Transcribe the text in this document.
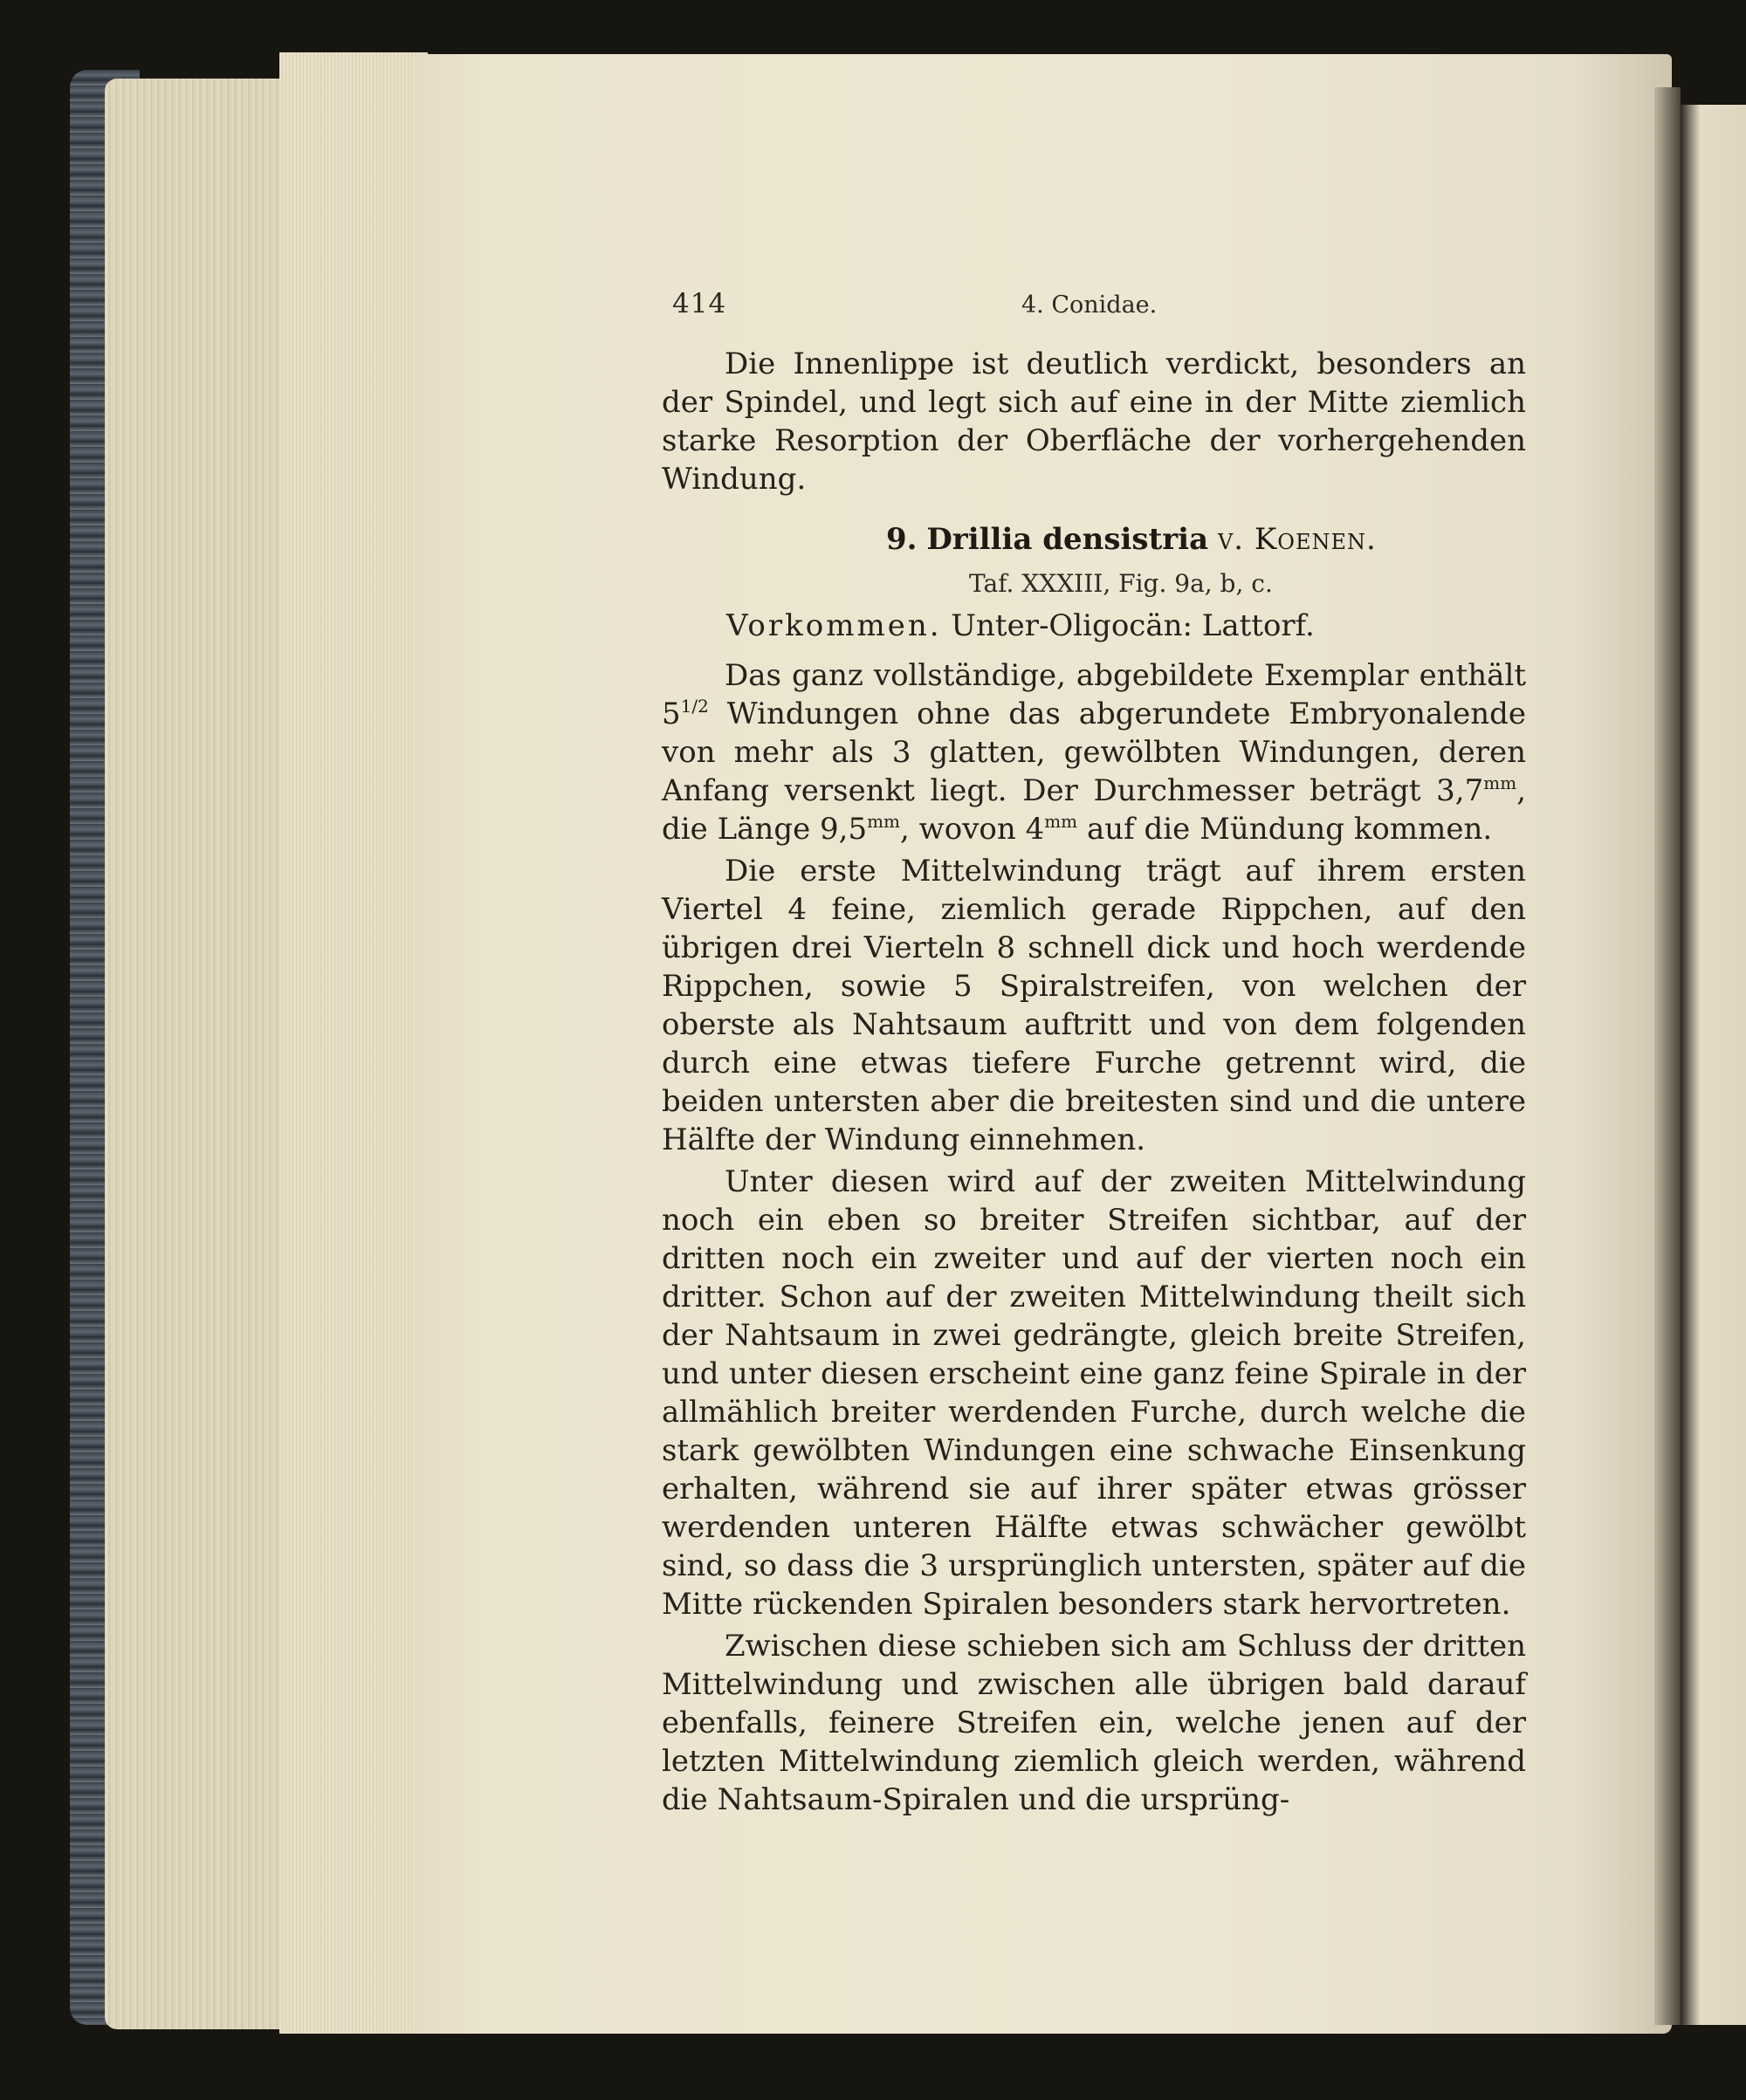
414	4. Conidae.

Die Innenlippe ist deutlich verdickt, besonders an der Spindel, und legt sich auf eine in der Mitte ziemlich starke Resorption der Oberfläche der vorhergehenden Windung.

9. Drillia densistria v. Koenen.
Taf. XXXIII, Fig. 9a, b, c.
Vorkommen. Unter-Oligocän: Lattorf.

Das ganz vollständige, abgebildete Exemplar enthält $5^{1/2}$ Windungen ohne das abgerundete Embryonalende von mehr als 3 glatten, gewölbten Windungen, deren Anfang versenkt liegt. Der Durchmesser beträgt $3,7^{mm}$, die Länge $9,5^{mm}$, wovon $4^{mm}$ auf die Mündung kommen.

Die erste Mittelwindung trägt auf ihrem ersten Viertel 4 feine, ziemlich gerade Rippchen, auf den übrigen drei Vierteln 8 schnell dick und hoch werdende Rippchen, sowie 5 Spiralstreifen, von welchen der oberste als Nahtsaum auftritt und von dem folgenden durch eine etwas tiefere Furche getrennt wird, die beiden untersten aber die breitesten sind und die untere Hälfte der Windung einnehmen.

Unter diesen wird auf der zweiten Mittelwindung noch ein eben so breiter Streifen sichtbar, auf der dritten noch ein zweiter und auf der vierten noch ein dritter. Schon auf der zweiten Mittelwindung theilt sich der Nahtsaum in zwei gedrängte, gleich breite Streifen, und unter diesen erscheint eine ganz feine Spirale in der allmählich breiter werdenden Furche, durch welche die stark gewölbten Windungen eine schwache Einsenkung erhalten, während sie auf ihrer später etwas grösser werdenden unteren Hälfte etwas schwächer gewölbt sind, so dass die 3 ursprünglich untersten, später auf die Mitte rückenden Spiralen besonders stark hervortreten.

Zwischen diese schieben sich am Schluss der dritten Mittelwindung und zwischen alle übrigen bald darauf ebenfalls, feinere Streifen ein, welche jenen auf der letzten Mittelwindung ziemlich gleich werden, während die Nahtsaum-Spiralen und die ursprüng-
